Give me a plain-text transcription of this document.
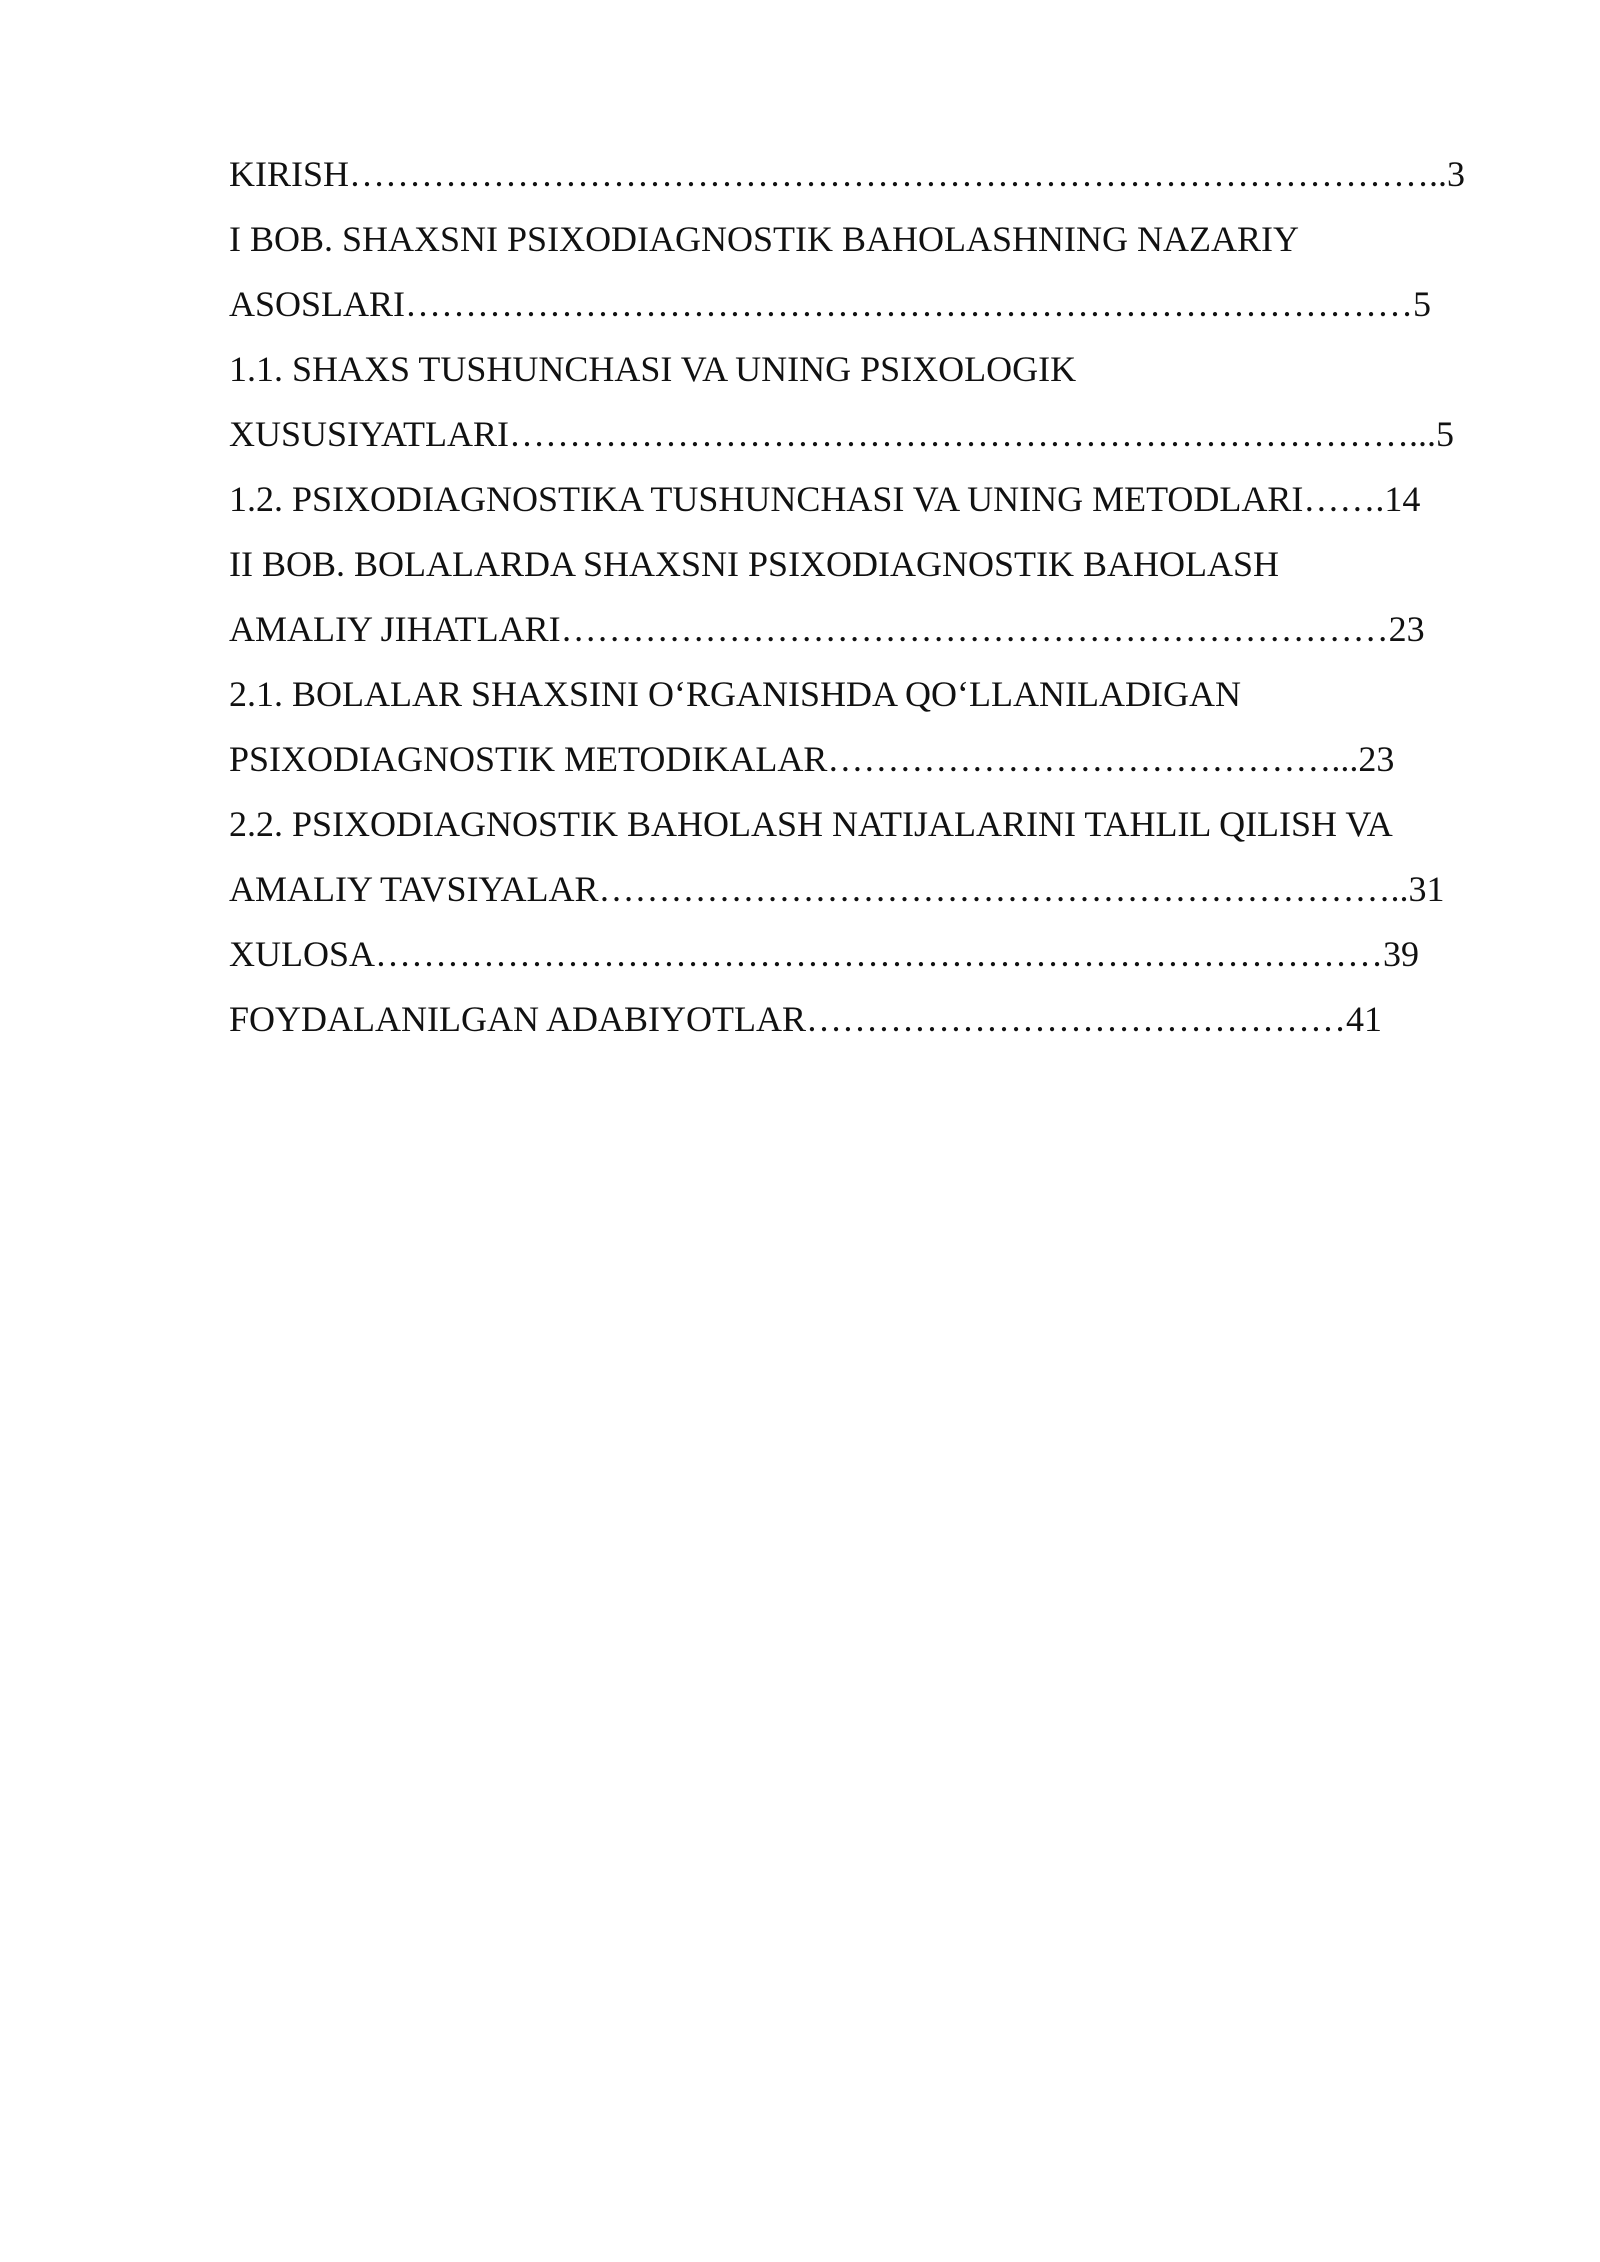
KIRISH………………………………………………………………………………..3
I BOB. SHAXSNI PSIXODIAGNOSTIK BAHOLASHNING NAZARIY
ASOSLARI…………………………………………………………………………5
1.1. SHAXS TUSHUNCHASI VA UNING PSIXOLOGIK
XUSUSIYATLARI…………………………………………………………………...5
1.2. PSIXODIAGNOSTIKA TUSHUNCHASI VA UNING METODLARI…….14
II BOB. BOLALARDA SHAXSNI PSIXODIAGNOSTIK BAHOLASH
AMALIY JIHATLARI……………………………………………………………23
2.1. BOLALAR SHAXSINI O‘RGANISHDA QO‘LLANILADIGAN
PSIXODIAGNOSTIK METODIKALAR……………………………………...23
2.2. PSIXODIAGNOSTIK BAHOLASH NATIJALARINI TAHLIL QILISH VA
AMALIY TAVSIYALAR…………………………………………………………..31
XULOSA…………………………………………………………………………39
FOYDALANILGAN ADABIYOTLAR………………………………………41
